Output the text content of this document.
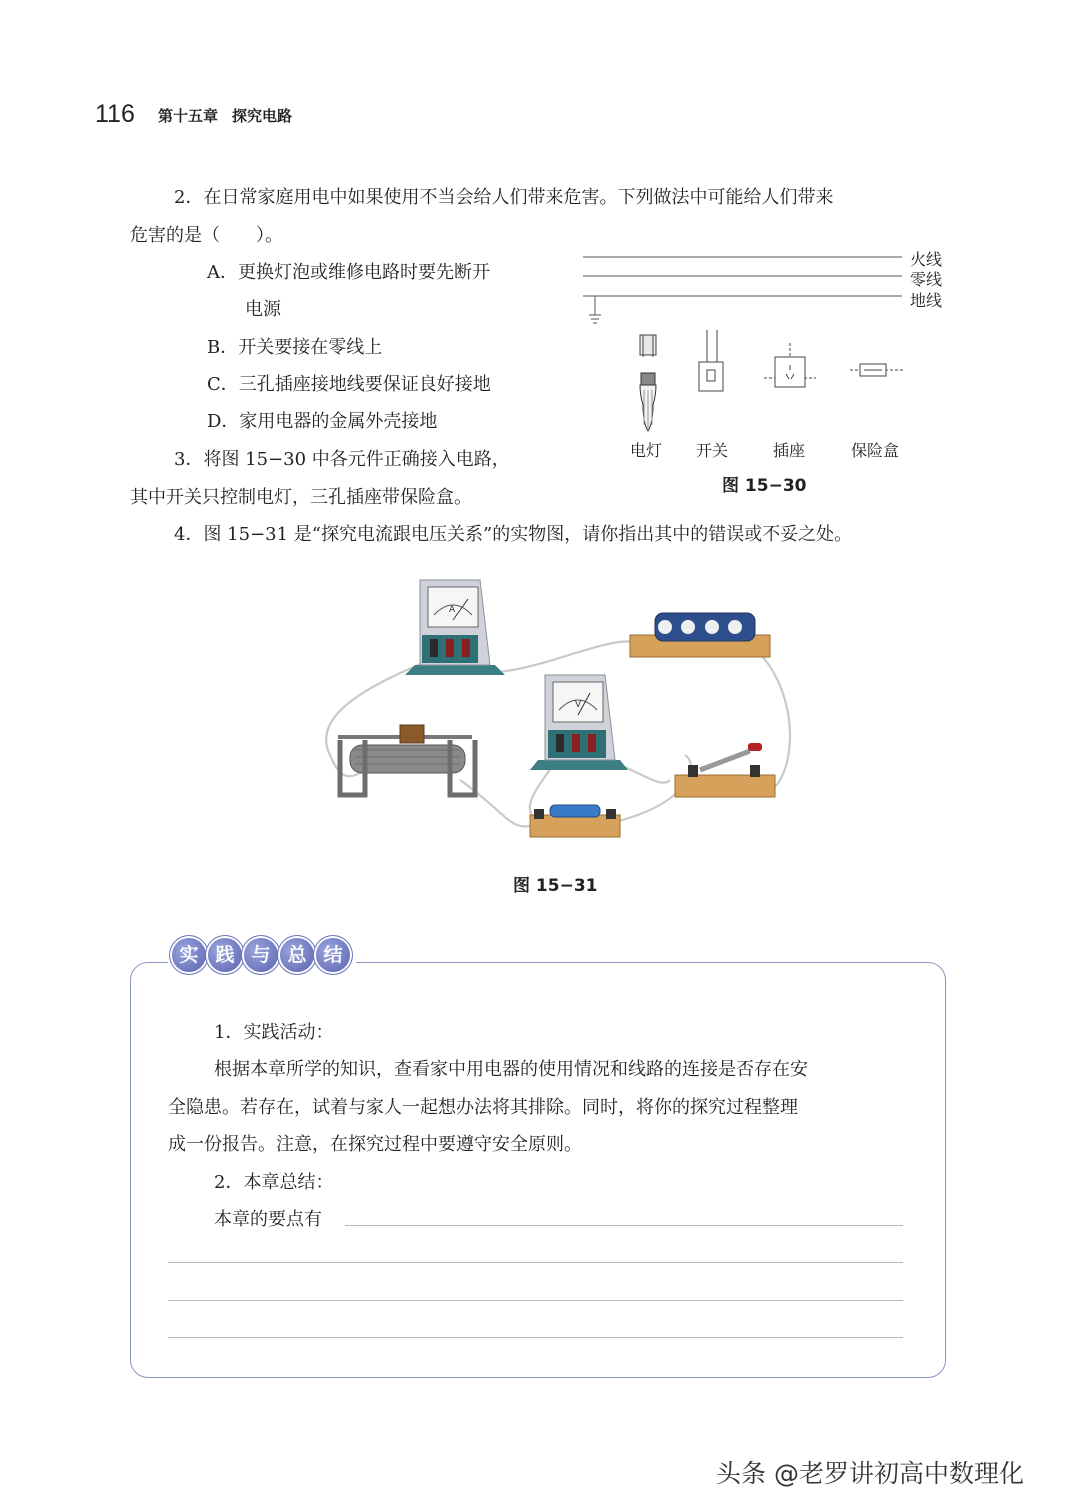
116 第十五章 探究电路
2．在日常家庭用电中如果使用不当会给人们带来危害。下列做法中可能给人们带来
危害的是（　　）。
A．更换灯泡或维修电路时要先断开
电源
B．开关要接在零线上
C．三孔插座接地线要保证良好接地
D．家用电器的金属外壳接地
3．将图 15−30 中各元件正确接入电路，
其中开关只控制电灯，三孔插座带保险盒。
火线
零线
地线
电灯 开关	插座	保险盒
图 15−30
4．图 15−31 是“探究电流跟电压关系”的实物图，请你指出其中的错误或不妥之处。
A
V
图 15−31
实 践 与 总 结
1．实践活动：
根据本章所学的知识，查看家中用电器的使用情况和线路的连接是否存在安
全隐患。若存在，试着与家人一起想办法将其排除。同时，将你的探究过程整理
成一份报告。注意，在探究过程中要遵守安全原则。
2．本章总结：
本章的要点有
头条 @老罗讲初高中数理化
